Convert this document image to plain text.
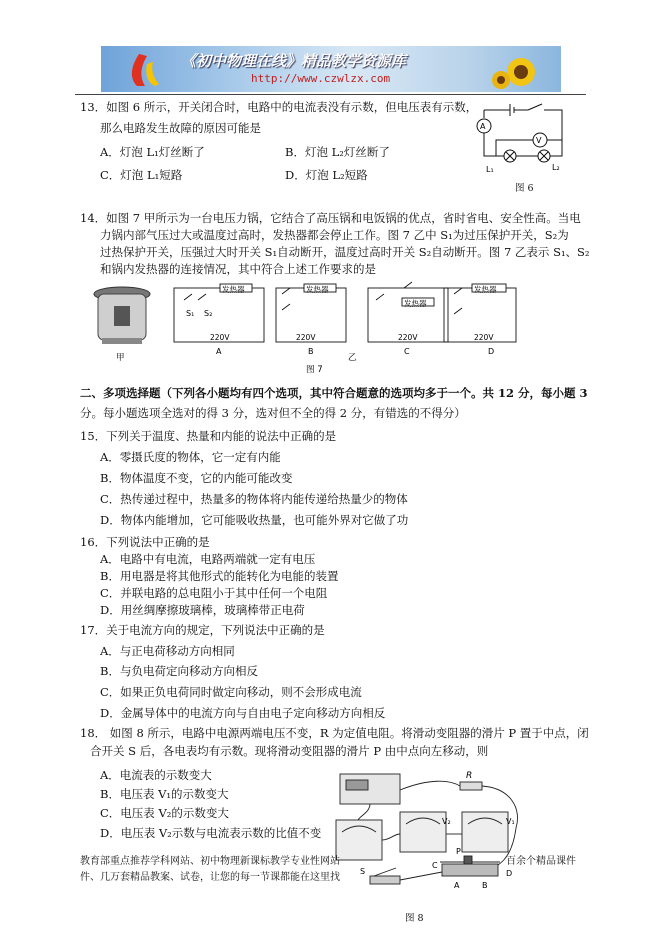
《初中物理在线》精品教学资源库
http://www.czwlzx.com
13．如图 6 所示，开关闭合时，电路中的电流表没有示数，但电压表有示数，
那么电路发生故障的原因可能是
A．灯泡 L₁灯丝断了	B．灯泡 L₂灯丝断了
C．灯泡 L₁短路	D．灯泡 L₂短路
A
V
L₁	L₂
图 6
14．如图 7 甲所示为一台电压力锅，它结合了高压锅和电饭锅的优点，省时省电、安全性高。当电
力锅内部气压过大或温度过高时，发热器都会停止工作。图 7 乙中 S₁为过压保护开关，S₂为
过热保护开关，压强过大时开关 S₁自动断开，温度过高时开关 S₂自动断开。图 7 乙表示 S₁、S₂
和锅内发热器的连接情况，其中符合上述工作要求的是
S₁ S₂
发热器
220V
发热器
220V
发热器
220V
发热器
220V
A	B	C	D
甲	乙
图 7
二、多项选择题（下列各小题均有四个选项，其中符合题意的选项均多于一个。共 12 分，每小题 3
分。每小题选项全选对的得 3 分，选对但不全的得 2 分，有错选的不得分）
15．下列关于温度、热量和内能的说法中正确的是
A．零摄氏度的物体，它一定有内能
B．物体温度不变，它的内能可能改变
C．热传递过程中，热量多的物体将内能传递给热量少的物体
D．物体内能增加，它可能吸收热量，也可能外界对它做了功
16．下列说法中正确的是
A．电路中有电流，电路两端就一定有电压
B．用电器是将其他形式的能转化为电能的装置
C．并联电路的总电阻小于其中任何一个电阻
D．用丝绸摩擦玻璃棒，玻璃棒带正电荷
17．关于电流方向的规定，下列说法中正确的是
A．与正电荷移动方向相同
B．与负电荷定向移动方向相反
C．如果正负电荷同时做定向移动，则不会形成电流
D．金属导体中的电流方向与自由电子定向移动方向相反
18． 如图 8 所示，电路中电源两端电压不变，R 为定值电阻。将滑动变阻器的滑片 P 置于中点，闭
合开关 S 后，各电表均有示数。现将滑动变阻器的滑片 P 由中点向左移动，则
A．电流表的示数变大
B．电压表 V₁的示数变大
C．电压表 V₂的示数变大
D．电压表 V₂示数与电流表示数的比值不变
R
V₂	V₁
S
P
C
D
A	B
图 8
教育部重点推荐学科网站、初中物理新课标教学专业性网站	百余个精品课件
件、几万套精品教案、试卷，让您的每一节课都能在这里找
